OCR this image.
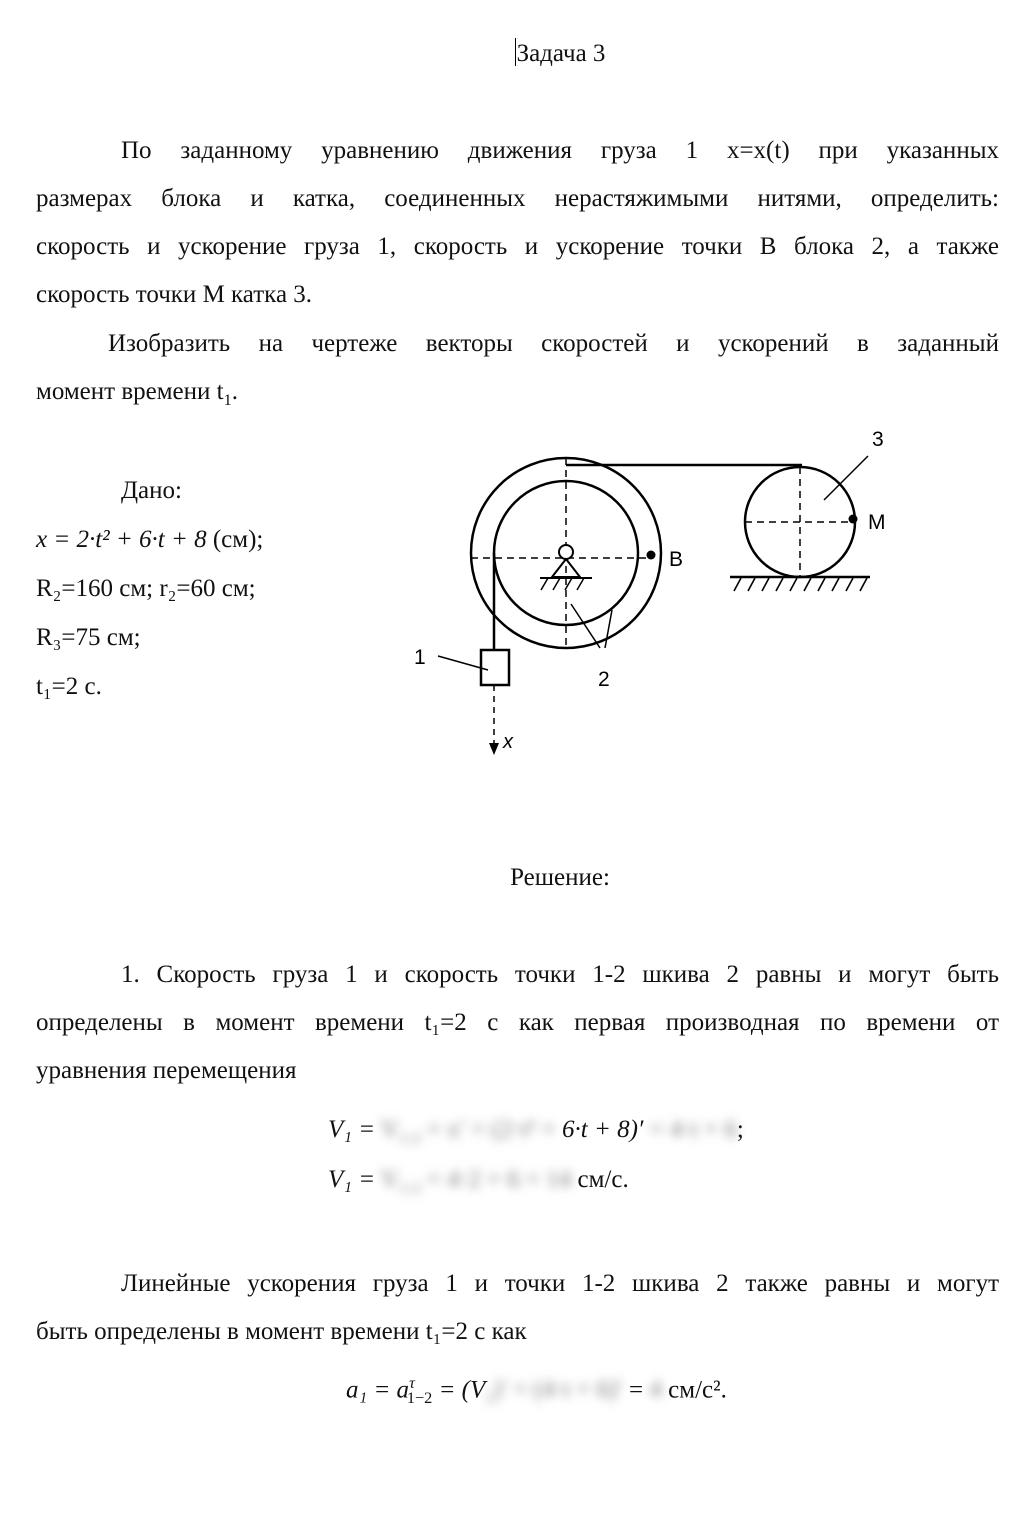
Задача 3
По заданному уравнению движения груза 1 x=x(t) при указанных
размерах блока и катка, соединенных нерастяжимыми нитями, определить:
скорость и ускорение груза 1, скорость и ускорение точки B блока 2, а также
скорость точки M катка 3.
Изобразить на чертеже векторы скоростей и ускорений в заданный
момент времени $t_1$.
Дано:
x = 2·t² + 6·t + 8 (см);
R₂=160 см; r₂=60 см;
R₃=75 см;
t₁=2 с.
1
2
3
B
M
x
Решение:
1. Скорость груза 1 и скорость точки 1-2 шкива 2 равны и могут быть
определены в момент времени t₁=2 с как первая производная по времени от
уравнения перемещения
$V_1 = V_{1-2} = x' = (2\cdot t^2 + 6\cdot t + 8)' = 4\cdot t + 6$;
$V_1 = V_{1-2} = 4\cdot 2 + 6 = 14$ см/с.
Линейные ускорения груза 1 и точки 1-2 шкива 2 также равны и могут
быть определены в момент времени t₁=2 с как
$a_1 = a^\tau_{1-2} = (V_1)' = (4\cdot t + 6)' = 4$ см/с².
